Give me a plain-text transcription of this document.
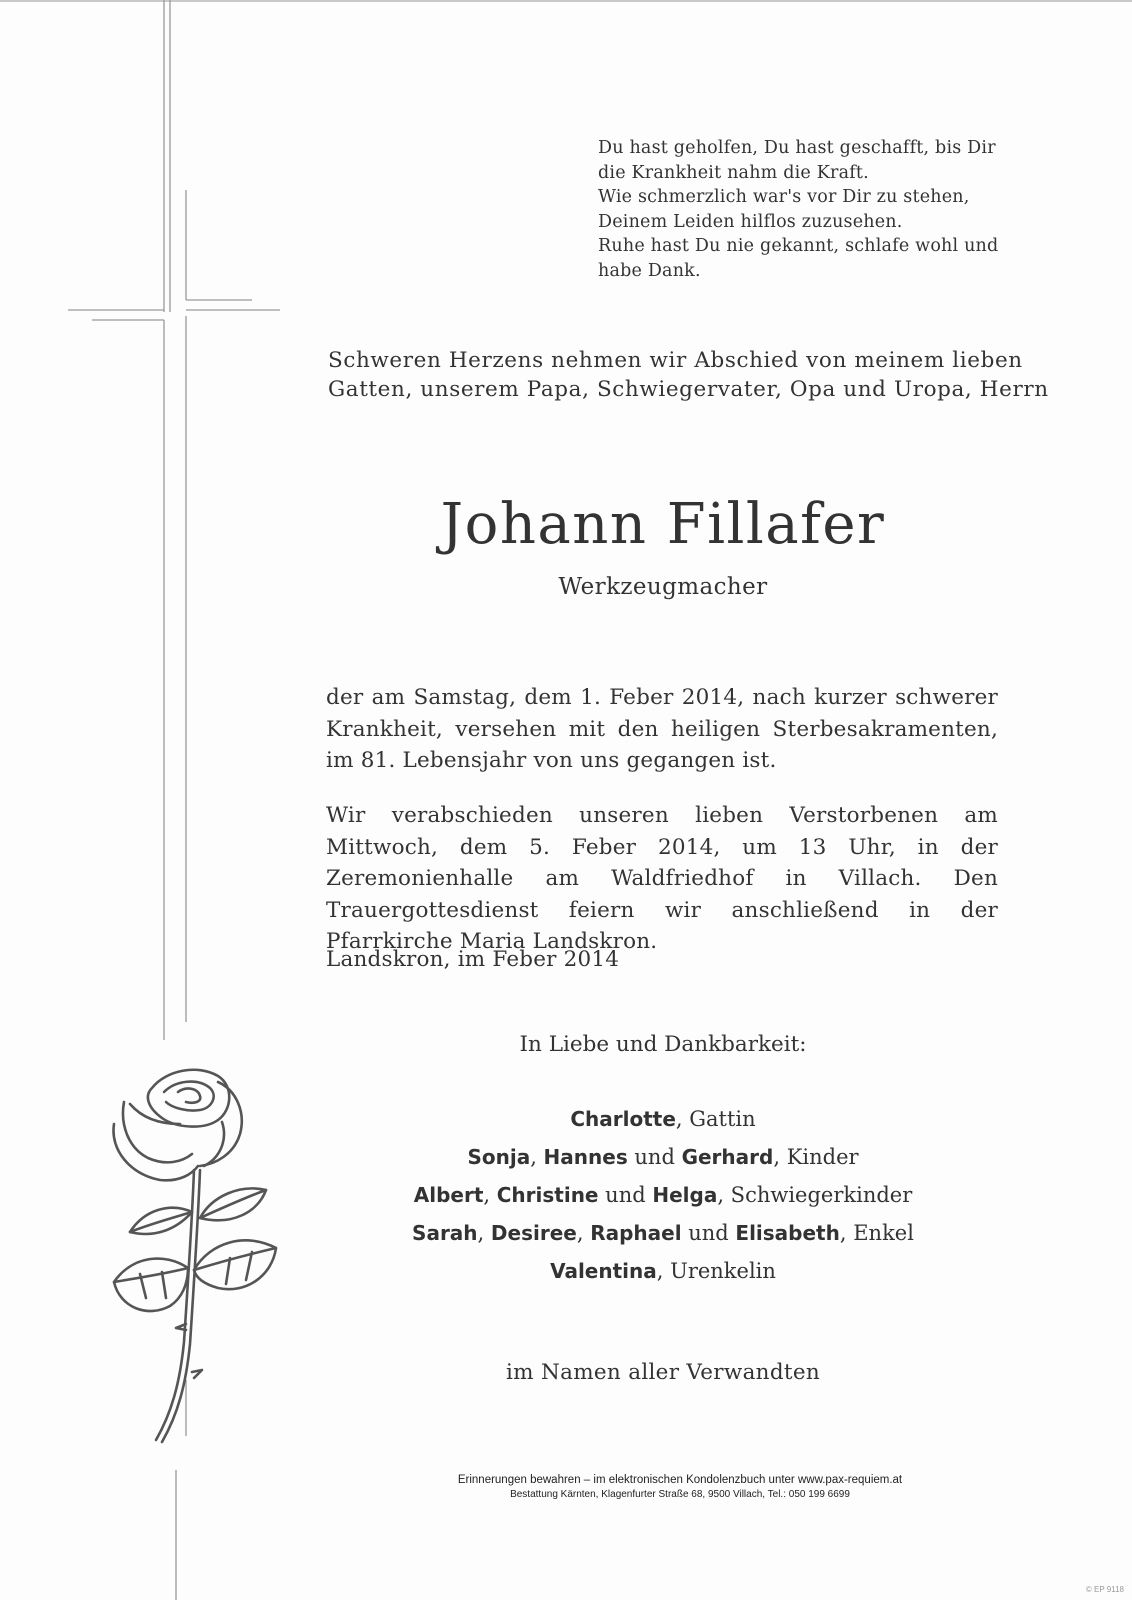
Du hast geholfen, Du hast geschafft, bis Dir
die Krankheit nahm die Kraft.
Wie schmerzlich war's vor Dir zu stehen,
Deinem Leiden hilflos zuzusehen.
Ruhe hast Du nie gekannt, schlafe wohl und
habe Dank.
Schweren Herzens nehmen wir Abschied von meinem lieben
Gatten, unserem Papa, Schwiegervater, Opa und Uropa, Herrn
Johann Fillafer
Werkzeugmacher
der am Samstag, dem 1. Feber 2014, nach kurzer schwerer Krankheit, versehen mit den heiligen Sterbesakramenten, im 81. Lebensjahr von uns gegangen ist.
Wir verabschieden unseren lieben Verstorbenen am Mittwoch, dem 5. Feber 2014, um 13 Uhr, in der Zeremonienhalle am Waldfriedhof in Villach. Den Trauergottesdienst feiern wir anschließend in der Pfarrkirche Maria Landskron.
Landskron, im Feber 2014
In Liebe und Dankbarkeit:
Charlotte, Gattin
Sonja, Hannes und Gerhard, Kinder
Albert, Christine und Helga, Schwiegerkinder
Sarah, Desiree, Raphael und Elisabeth, Enkel
Valentina, Urenkelin
im Namen aller Verwandten
Erinnerungen bewahren – im elektronischen Kondolenzbuch unter www.pax-requiem.at
Bestattung Kärnten, Klagenfurter Straße 68, 9500 Villach, Tel.: 050 199 6699
© EP 9118
